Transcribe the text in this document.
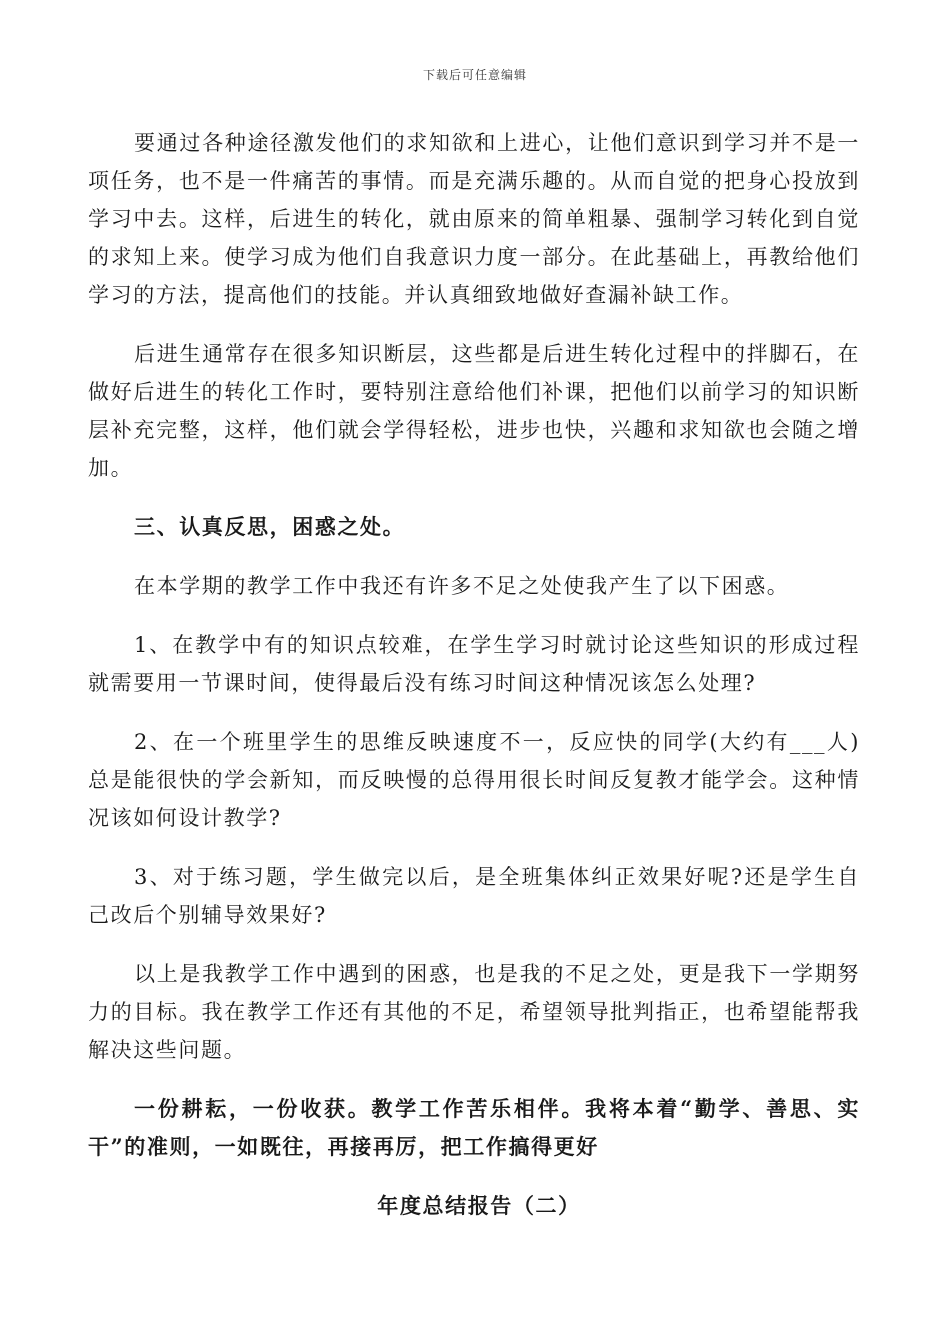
下载后可任意编辑

要通过各种途径激发他们的求知欲和上进心，让他们意识到学习并不是一项任务，也不是一件痛苦的事情。而是充满乐趣的。从而自觉的把身心投放到学习中去。这样，后进生的转化，就由原来的简单粗暴、强制学习转化到自觉的求知上来。使学习成为他们自我意识力度一部分。在此基础上，再教给他们学习的方法，提高他们的技能。并认真细致地做好查漏补缺工作。

后进生通常存在很多知识断层，这些都是后进生转化过程中的拌脚石，在做好后进生的转化工作时，要特别注意给他们补课，把他们以前学习的知识断层补充完整，这样，他们就会学得轻松，进步也快，兴趣和求知欲也会随之增加。

三、认真反思，困惑之处。

在本学期的教学工作中我还有许多不足之处使我产生了以下困惑。

1、在教学中有的知识点较难，在学生学习时就讨论这些知识的形成过程就需要用一节课时间，使得最后没有练习时间这种情况该怎么处理?

2、在一个班里学生的思维反映速度不一，反应快的同学(大约有___人)总是能很快的学会新知，而反映慢的总得用很长时间反复教才能学会。这种情况该如何设计教学?

3、对于练习题，学生做完以后，是全班集体纠正效果好呢?还是学生自己改后个别辅导效果好?

以上是我教学工作中遇到的困惑，也是我的不足之处，更是我下一学期努力的目标。我在教学工作还有其他的不足，希望领导批判指正，也希望能帮我解决这些问题。

一份耕耘，一份收获。教学工作苦乐相伴。我将本着“勤学、善思、实干”的准则，一如既往，再接再厉，把工作搞得更好

年度总结报告（二）
